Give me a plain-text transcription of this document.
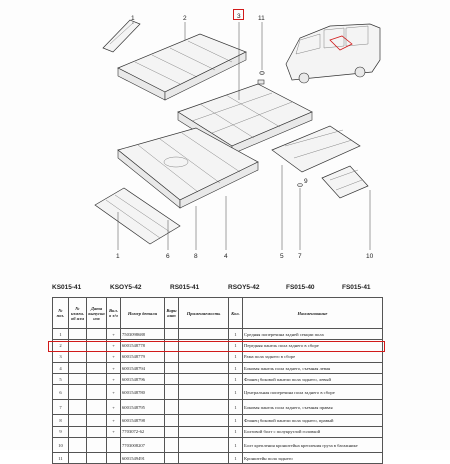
1	2	3	11
1	6	8	4	5 7	10
9
KS015-41	KSOY5-42	RS015-41	RSOY5-42	FS015-40	FS015-41
№ поз.	№ измен. об изм	Дата выпуска изв	Вкл. в з/ч	Номер детали	Вари ант	Применяемость	Кол.	Наименование
1			+	7503098688			1	Средняя поперечина задней секции пола
2			+	6001548778			1	Передняя панель пола заднего в сборе
3			+	6001548779			1	Рама пола заднего в сборе
4			+	6001548794			1	Боковая панель пола заднего, съемная левая
5			+	6001548796			1	Фланец боковой панели пола заднего, левый
6			+	6001548780			1	Центральная поперечина пола заднего в сборе
7			+	6001548795			1	Боковая панель пола заднего, съемная правая
8			+	6001548798			1	Фланец боковой панели пола заднего, правый
9			+	7703072-62			1	Болтовой болт с полукруглой головкой
10				7703008207			1	Болт крепления кронштейна крепления груза в багажнике
11				6001549491			1	Кронштейн пола заднего
